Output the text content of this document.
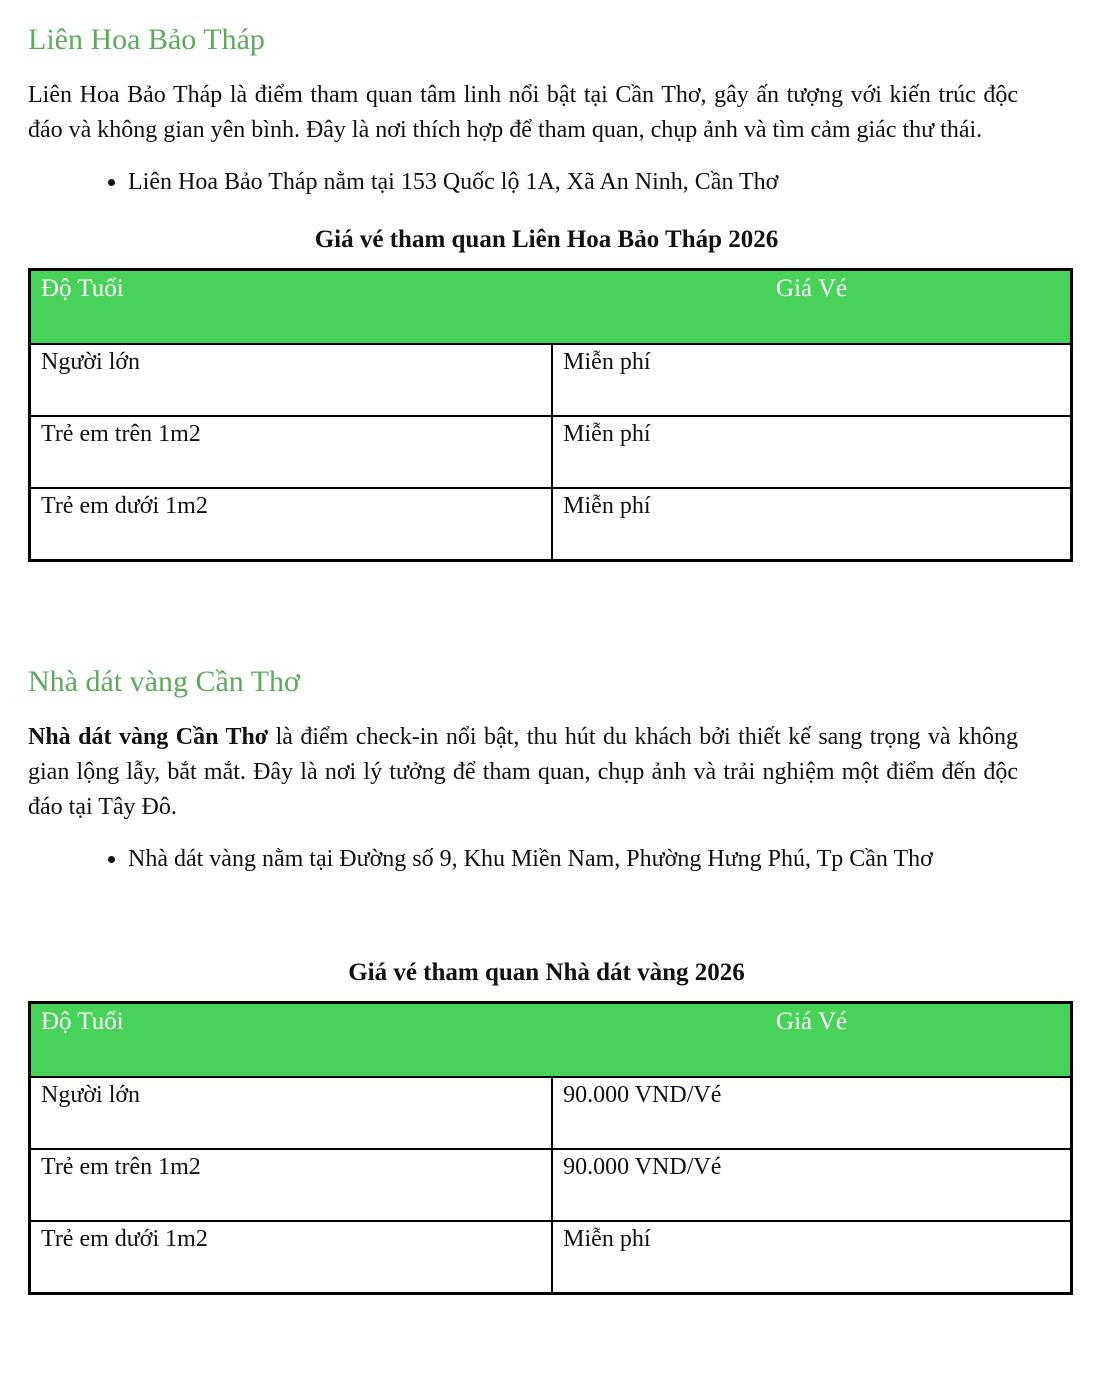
Liên Hoa Bảo Tháp

Liên Hoa Bảo Tháp là điểm tham quan tâm linh nổi bật tại Cần Thơ, gây ấn tượng với kiến trúc độc đáo và không gian yên bình. Đây là nơi thích hợp để tham quan, chụp ảnh và tìm cảm giác thư thái.

• Liên Hoa Bảo Tháp nằm tại 153 Quốc lộ 1A, Xã An Ninh, Cần Thơ
Giá vé tham quan Liên Hoa Bảo Tháp 2026
Độ Tuổi	Giá Vé
Người lớn	Miễn phí
Trẻ em trên 1m2	Miễn phí
Trẻ em dưới 1m2	Miễn phí
Nhà dát vàng Cần Thơ

Nhà dát vàng Cần Thơ là điểm check-in nổi bật, thu hút du khách bởi thiết kế sang trọng và không gian lộng lẫy, bắt mắt. Đây là nơi lý tưởng để tham quan, chụp ảnh và trải nghiệm một điểm đến độc đáo tại Tây Đô.

• Nhà dát vàng nằm tại Đường số 9, Khu Miền Nam, Phường Hưng Phú, Tp Cần Thơ
Giá vé tham quan Nhà dát vàng 2026
Độ Tuổi	Giá Vé
Người lớn	90.000 VND/Vé
Trẻ em trên 1m2	90.000 VND/Vé
Trẻ em dưới 1m2	Miễn phí
